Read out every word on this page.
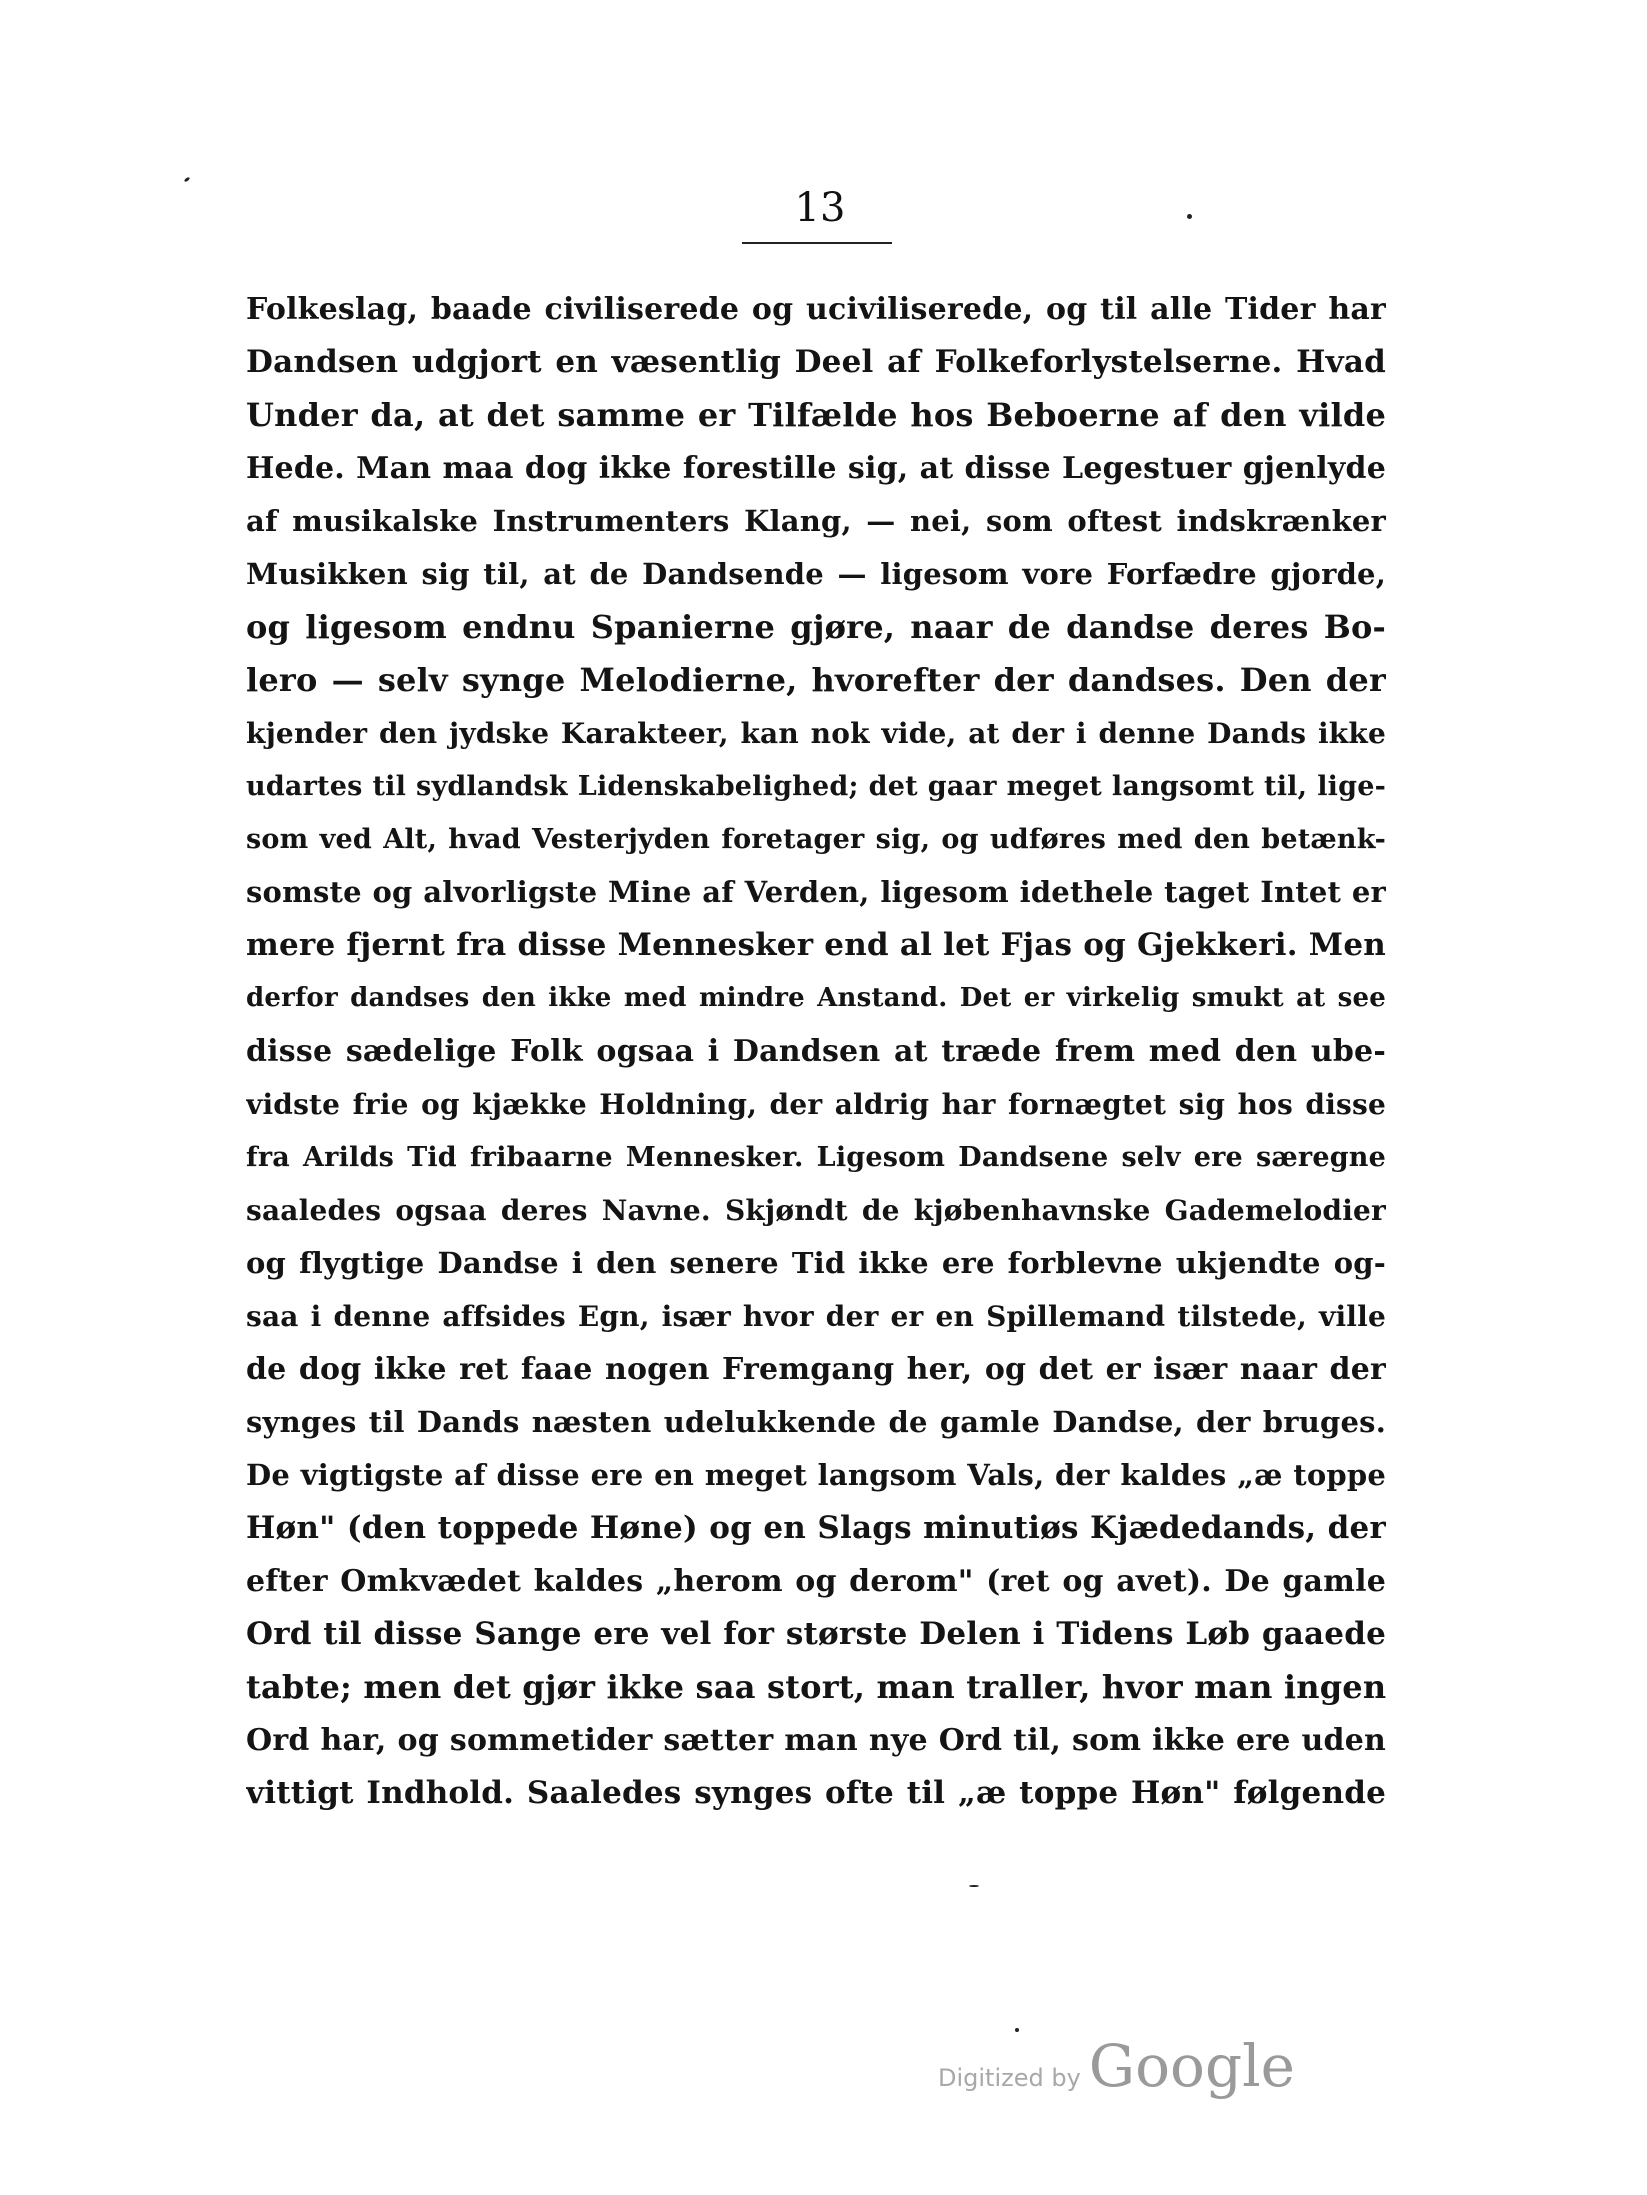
13
Folkeslag, baade civiliserede og uciviliserede, og til alle Tider har
Dandsen udgjort en væsentlig Deel af Folkeforlystelserne. Hvad
Under da, at det samme er Tilfælde hos Beboerne af den vilde
Hede. Man maa dog ikke forestille sig, at disse Legestuer gjenlyde
af musikalske Instrumenters Klang, — nei, som oftest indskrænker
Musikken sig til, at de Dandsende — ligesom vore Forfædre gjorde,
og ligesom endnu Spanierne gjøre, naar de dandse deres Bo-
lero — selv synge Melodierne, hvorefter der dandses. Den der
kjender den jydske Karakteer, kan nok vide, at der i denne Dands ikke
udartes til sydlandsk Lidenskabelighed; det gaar meget langsomt til, lige-
som ved Alt, hvad Vesterjyden foretager sig, og udføres med den betænk-
somste og alvorligste Mine af Verden, ligesom idethele taget Intet er
mere fjernt fra disse Mennesker end al let Fjas og Gjekkeri. Men
derfor dandses den ikke med mindre Anstand. Det er virkelig smukt at see
disse sædelige Folk ogsaa i Dandsen at træde frem med den ube-
vidste frie og kjække Holdning, der aldrig har fornægtet sig hos disse
fra Arilds Tid fribaarne Mennesker. Ligesom Dandsene selv ere særegne
saaledes ogsaa deres Navne. Skjøndt de kjøbenhavnske Gademelodier
og flygtige Dandse i den senere Tid ikke ere forblevne ukjendte og-
saa i denne affsides Egn, især hvor der er en Spillemand tilstede, ville
de dog ikke ret faae nogen Fremgang her, og det er især naar der
synges til Dands næsten udelukkende de gamle Dandse, der bruges.
De vigtigste af disse ere en meget langsom Vals, der kaldes „æ toppe
Høn" (den toppede Høne) og en Slags minutiøs Kjædedands, der
efter Omkvædet kaldes „herom og derom" (ret og avet). De gamle
Ord til disse Sange ere vel for største Delen i Tidens Løb gaaede
tabte; men det gjør ikke saa stort, man traller, hvor man ingen
Ord har, og sommetider sætter man nye Ord til, som ikke ere uden
vittigt Indhold. Saaledes synges ofte til „æ toppe Høn" følgende
Digitized by Google
